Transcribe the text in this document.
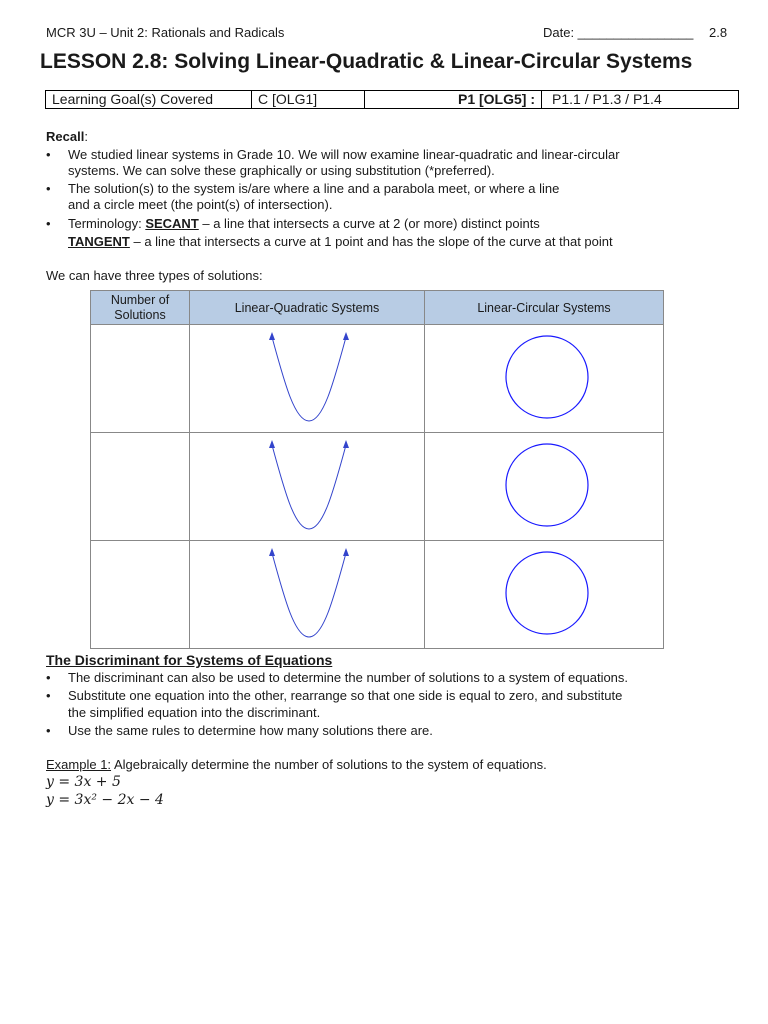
MCR 3U – Unit 2: Rationals and Radicals	Date: ________________ 2.8
LESSON 2.8: Solving Linear-Quadratic & Linear-Circular Systems
Learning Goal(s) Covered	C [OLG1]	P1 [OLG5] :	P1.1 / P1.3 / P1.4
Recall:
• We studied linear systems in Grade 10. We will now examine linear-quadratic and linear-circular
systems. We can solve these graphically or using substitution (*preferred).
• The solution(s) to the system is/are where a line and a parabola meet, or where a line
and a circle meet (the point(s) of intersection).
• Terminology: SECANT – a line that intersects a curve at 2 (or more) distinct points
TANGENT – a line that intersects a curve at 1 point and has the slope of the curve at that point
We can have three types of solutions:
Number of
Solutions	Linear-Quadratic Systems	Linear-Circular Systems

The Discriminant for Systems of Equations
• The discriminant can also be used to determine the number of solutions to a system of equations.
• Substitute one equation into the other, rearrange so that one side is equal to zero, and substitute
the simplified equation into the discriminant.
• Use the same rules to determine how many solutions there are.
Example 1: Algebraically determine the number of solutions to the system of equations.
y = 3x + 5
y = 3x² − 2x − 4
